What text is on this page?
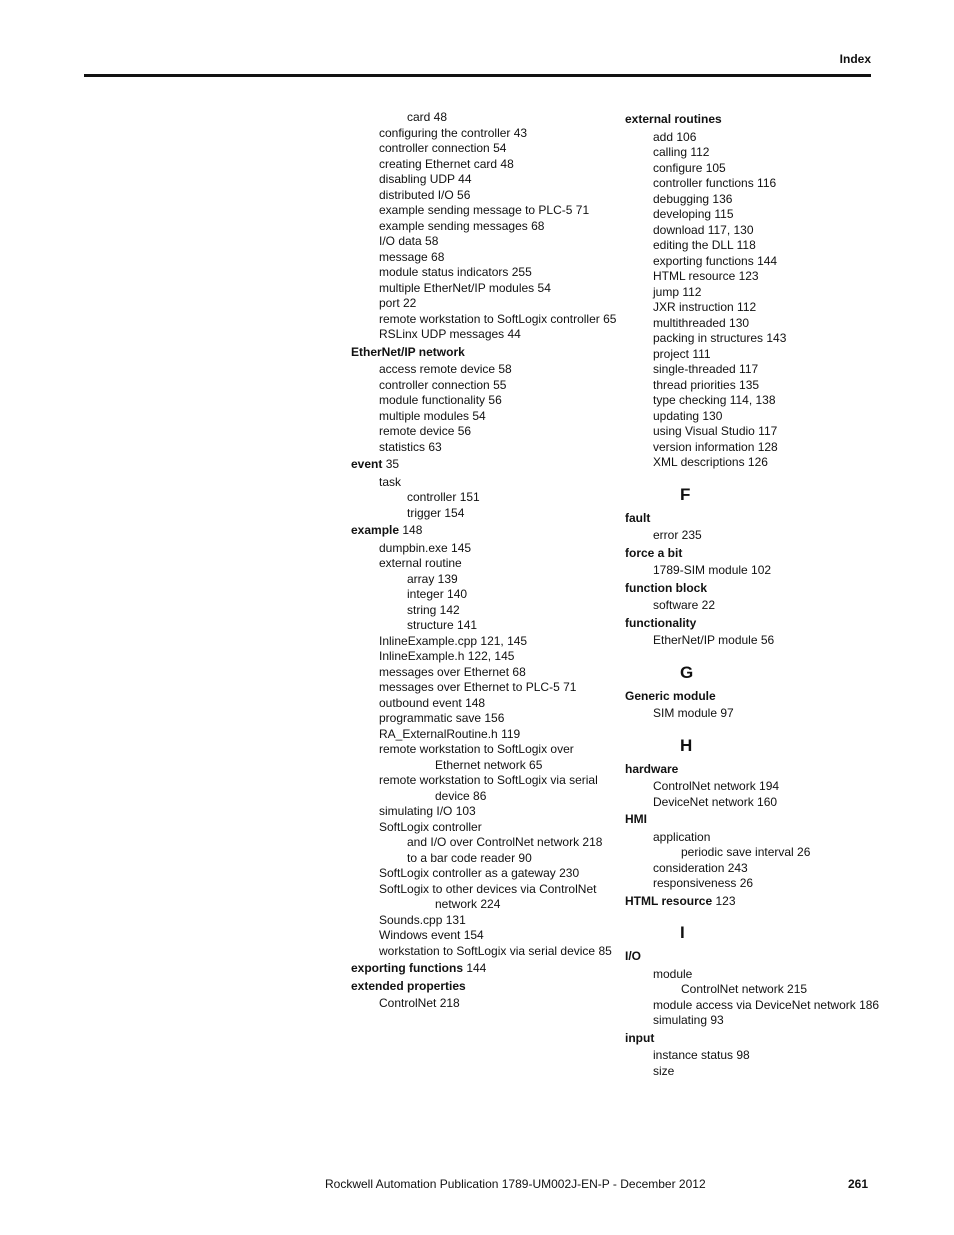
Index
card 48
configuring the controller 43
controller connection 54
creating Ethernet card 48
disabling UDP 44
distributed I/O 56
example sending message to PLC-5 71
example sending messages 68
I/O data 58
message 68
module status indicators 255
multiple EtherNet/IP modules 54
port 22
remote workstation to SoftLogix controller 65
RSLinx UDP messages 44
EtherNet/IP network
access remote device 58
controller connection 55
module functionality 56
multiple modules 54
remote device 56
statistics 63
event 35
task
controller 151
trigger 154
example 148
dumpbin.exe 145
external routine
array 139
integer 140
string 142
structure 141
InlineExample.cpp 121, 145
InlineExample.h 122, 145
messages over Ethernet 68
messages over Ethernet to PLC-5 71
outbound event 148
programmatic save 156
RA_ExternalRoutine.h 119
remote workstation to SoftLogix over
Ethernet network 65
remote workstation to SoftLogix via serial
device 86
simulating I/O 103
SoftLogix controller
and I/O over ControlNet network 218
to a bar code reader 90
SoftLogix controller as a gateway 230
SoftLogix to other devices via ControlNet
network 224
Sounds.cpp 131
Windows event 154
workstation to SoftLogix via serial device 85
exporting functions 144
extended properties
ControlNet 218
external routines
add 106
calling 112
configure 105
controller functions 116
debugging 136
developing 115
download 117, 130
editing the DLL 118
exporting functions 144
HTML resource 123
jump 112
JXR instruction 112
multithreaded 130
packing in structures 143
project 111
single-threaded 117
thread priorities 135
type checking 114, 138
updating 130
using Visual Studio 117
version information 128
XML descriptions 126
F
fault
error 235
force a bit
1789-SIM module 102
function block
software 22
functionality
EtherNet/IP module 56
G
Generic module
SIM module 97
H
hardware
ControlNet network 194
DeviceNet network 160
HMI
application
periodic save interval 26
consideration 243
responsiveness 26
HTML resource 123
I
I/O
module
ControlNet network 215
module access via DeviceNet network 186
simulating 93
input
instance status 98
size
Rockwell Automation Publication 1789-UM002J-EN-P - December 2012	261
